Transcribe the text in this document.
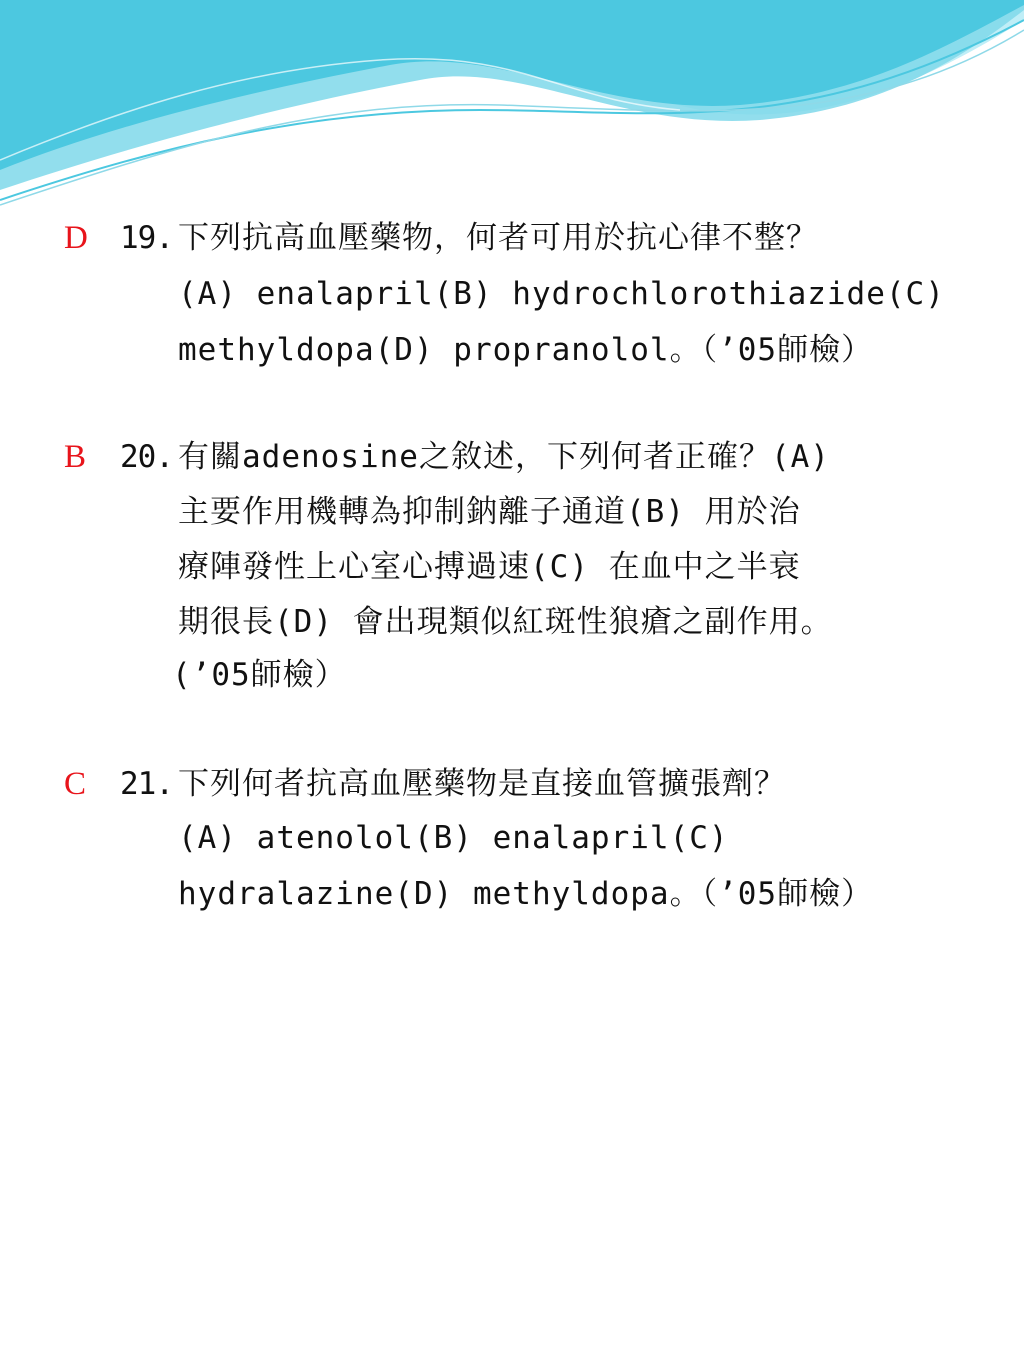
D 19. 下列抗高血壓藥物，何者可用於抗心律不整？

(A) enalapril(B) hydrochlorothiazide(C)

methyldopa(D) propranolol。（’05師檢）

B 20. 有關adenosine之敘述，下列何者正確？(A)

主要作用機轉為抑制鈉離子通道(B) 用於治

療陣發性上心室心搏過速(C) 在血中之半衰

期很長(D) 會出現類似紅斑性狼瘡之副作用。

(’05師檢）

C 21. 下列何者抗高血壓藥物是直接血管擴張劑？

(A) atenolol(B) enalapril(C)

hydralazine(D) methyldopa。（’05師檢）
